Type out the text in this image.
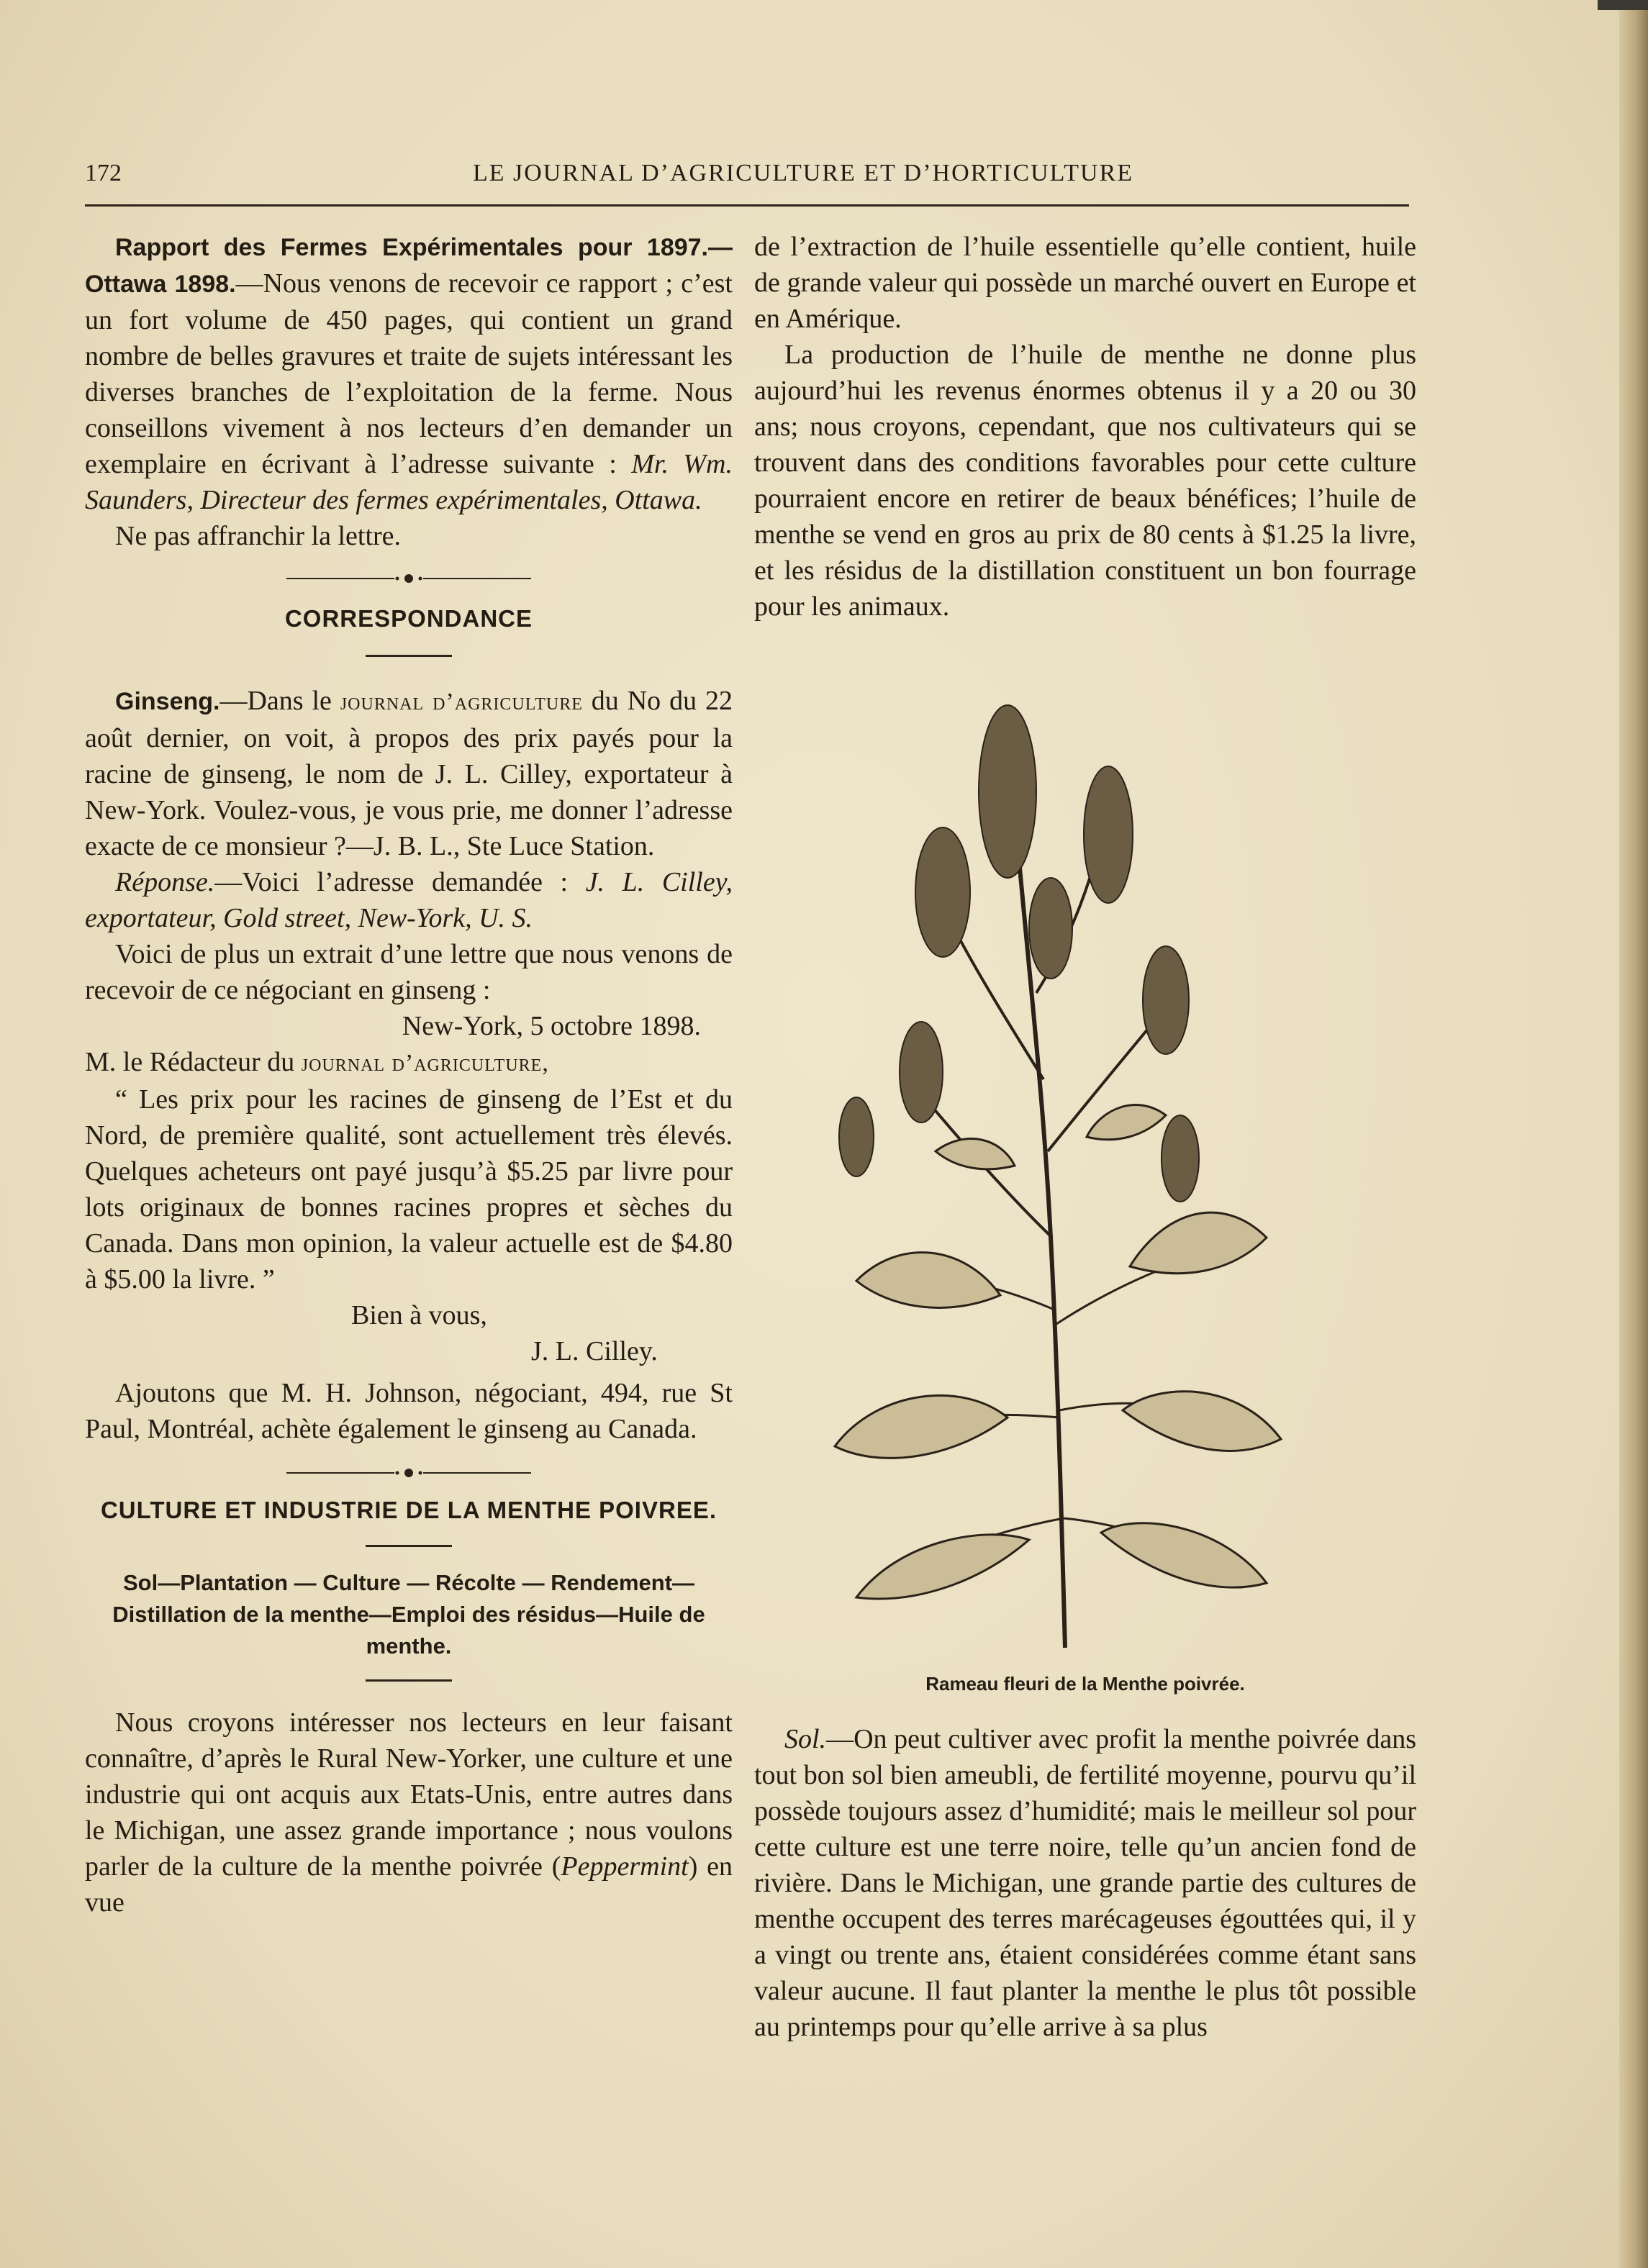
172	LE JOURNAL D’AGRICULTURE ET D’HORTICULTURE

Rapport des Fermes Expérimentales pour 1897.—Ottawa 1898.—Nous venons de recevoir ce rapport ; c’est un fort volume de 450 pages, qui contient un grand nombre de belles gravures et traite de sujets intéressant les diverses branches de l’exploitation de la ferme. Nous conseillons vivement à nos lecteurs d’en demander un exemplaire en écrivant à l’adresse suivante : Mr. Wm. Saunders, Directeur des fermes expérimentales, Ottawa.

Ne pas affranchir la lettre.

CORRESPONDANCE

Ginseng.—Dans le journal d’agriculture du No du 22 août dernier, on voit, à propos des prix payés pour la racine de ginseng, le nom de J. L. Cilley, exportateur à New-York. Voulez-vous, je vous prie, me donner l’adresse exacte de ce monsieur ?—J. B. L., Ste Luce Station.

Réponse.—Voici l’adresse demandée : J. L. Cilley, exportateur, Gold street, New-York, U. S.

Voici de plus un extrait d’une lettre que nous venons de recevoir de ce négociant en ginseng :

New-York, 5 octobre 1898.

M. le Rédacteur du journal d’agriculture,

“ Les prix pour les racines de ginseng de l’Est et du Nord, de première qualité, sont actuellement très élevés. Quelques acheteurs ont payé jusqu’à $5.25 par livre pour lots originaux de bonnes racines propres et sèches du Canada. Dans mon opinion, la valeur actuelle est de $4.80 à $5.00 la livre. ”

Bien à vous,

J. L. Cilley.

Ajoutons que M. H. Johnson, négociant, 494, rue St Paul, Montréal, achète également le ginseng au Canada.

CULTURE ET INDUSTRIE DE LA MENTHE POIVREE.
Sol—Plantation — Culture — Récolte — Rendement—Distillation de la menthe—Emploi des résidus—Huile de menthe.

Nous croyons intéresser nos lecteurs en leur faisant connaître, d’après le Rural New-Yorker, une culture et une industrie qui ont acquis aux Etats-Unis, entre autres dans le Michigan, une assez grande importance ; nous voulons parler de la culture de la menthe poivrée (Peppermint) en vue

de l’extraction de l’huile essentielle qu’elle contient, huile de grande valeur qui possède un marché ouvert en Europe et en Amérique.

La production de l’huile de menthe ne donne plus aujourd’hui les revenus énormes obtenus il y a 20 ou 30 ans; nous croyons, cependant, que nos cultivateurs qui se trouvent dans des conditions favorables pour cette culture pourraient encore en retirer de beaux bénéfices; l’huile de menthe se vend en gros au prix de 80 cents à $1.25 la livre, et les résidus de la distillation constituent un bon fourrage pour les animaux.

Rameau fleuri de la Menthe poivrée.

Sol.—On peut cultiver avec profit la menthe poivrée dans tout bon sol bien ameubli, de fertilité moyenne, pourvu qu’il possède toujours assez d’humidité; mais le meilleur sol pour cette culture est une terre noire, telle qu’un ancien fond de rivière. Dans le Michigan, une grande partie des cultures de menthe occupent des terres marécageuses égouttées qui, il y a vingt ou trente ans, étaient considérées comme étant sans valeur aucune. Il faut planter la menthe le plus tôt possible au printemps pour qu’elle arrive à sa plus
